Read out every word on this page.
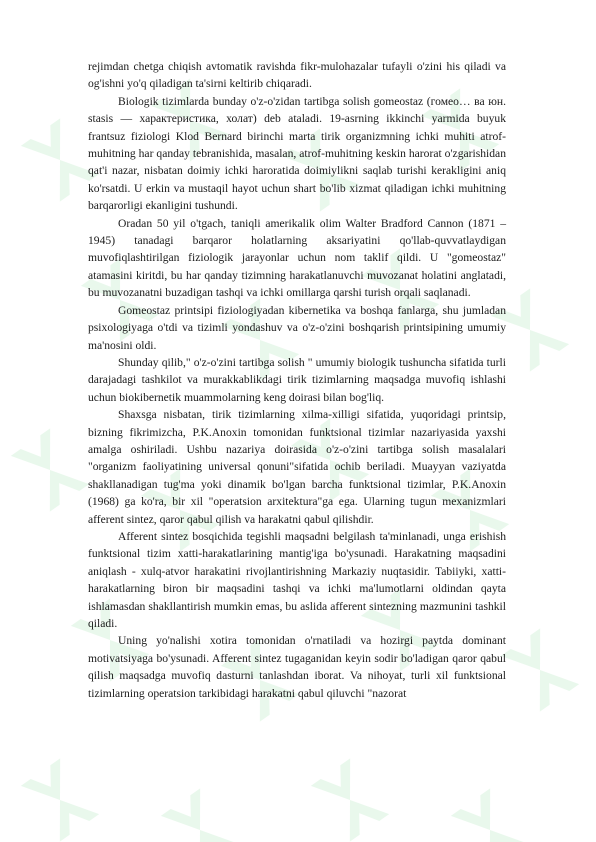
rejimdan chetga chiqish avtomatik ravishda fikr-mulohazalar tufayli o'zini his qiladi va og'ishni yo'q qiladigan ta'sirni keltirib chiqaradi.

Biologik tizimlarda bunday o'z-o'zidan tartibga solish gomeostaz (гомео… ва юн. stasis — характеристика, холат) deb ataladi. 19-asrning ikkinchi yarmida buyuk frantsuz fiziologi Klod Bernard birinchi marta tirik organizmning ichki muhiti atrof-muhitning har qanday tebranishida, masalan, atrof-muhitning keskin harorat o'zgarishidan qat'i nazar, nisbatan doimiy ichki haroratida doimiylikni saqlab turishi kerakligini aniq ko'rsatdi. U erkin va mustaqil hayot uchun shart bo'lib xizmat qiladigan ichki muhitning barqarorligi ekanligini tushundi.

Oradan 50 yil o'tgach, taniqli amerikalik olim Walter Bradford Cannon (1871 – 1945) tanadagi barqaror holatlarning aksariyatini qo'llab-quvvatlaydigan muvofiqlashtirilgan fiziologik jarayonlar uchun nom taklif qildi. U "gomeostaz" atamasini kiritdi, bu har qanday tizimning harakatlanuvchi muvozanat holatini anglatadi, bu muvozanatni buzadigan tashqi va ichki omillarga qarshi turish orqali saqlanadi.

Gomeostaz printsipi fiziologiyadan kibernetika va boshqa fanlarga, shu jumladan psixologiyaga o'tdi va tizimli yondashuv va o'z-o'zini boshqarish printsipining umumiy ma'nosini oldi.

Shunday qilib," o'z-o'zini tartibga solish " umumiy biologik tushuncha sifatida turli darajadagi tashkilot va murakkablikdagi tirik tizimlarning maqsadga muvofiq ishlashi uchun biokibernetik muammolarning keng doirasi bilan bog'liq.

Shaxsga nisbatan, tirik tizimlarning xilma-xilligi sifatida, yuqoridagi printsip, bizning fikrimizcha, P.K.Anoxin tomonidan funktsional tizimlar nazariyasida yaxshi amalga oshiriladi. Ushbu nazariya doirasida o'z-o'zini tartibga solish masalalari "organizm faoliyatining universal qonuni"sifatida ochib beriladi. Muayyan vaziyatda shakllanadigan tug'ma yoki dinamik bo'lgan barcha funktsional tizimlar, P.K.Anoxin (1968) ga ko'ra, bir xil "operatsion arxitektura"ga ega. Ularning tugun mexanizmlari afferent sintez, qaror qabul qilish va harakatni qabul qilishdir.

Afferent sintez bosqichida tegishli maqsadni belgilash ta'minlanadi, unga erishish funktsional tizim xatti-harakatlarining mantig'iga bo'ysunadi. Harakatning maqsadini aniqlash - xulq-atvor harakatini rivojlantirishning Markaziy nuqtasidir. Tabiiyki, xatti-harakatlarning biron bir maqsadini tashqi va ichki ma'lumotlarni oldindan qayta ishlamasdan shakllantirish mumkin emas, bu aslida afferent sintezning mazmunini tashkil qiladi.

Uning yo'nalishi xotira tomonidan o'rnatiladi va hozirgi paytda dominant motivatsiyaga bo'ysunadi. Afferent sintez tugaganidan keyin sodir bo'ladigan qaror qabul qilish maqsadga muvofiq dasturni tanlashdan iborat. Va nihoyat, turli xil funktsional tizimlarning operatsion tarkibidagi harakatni qabul qiluvchi "nazorat
